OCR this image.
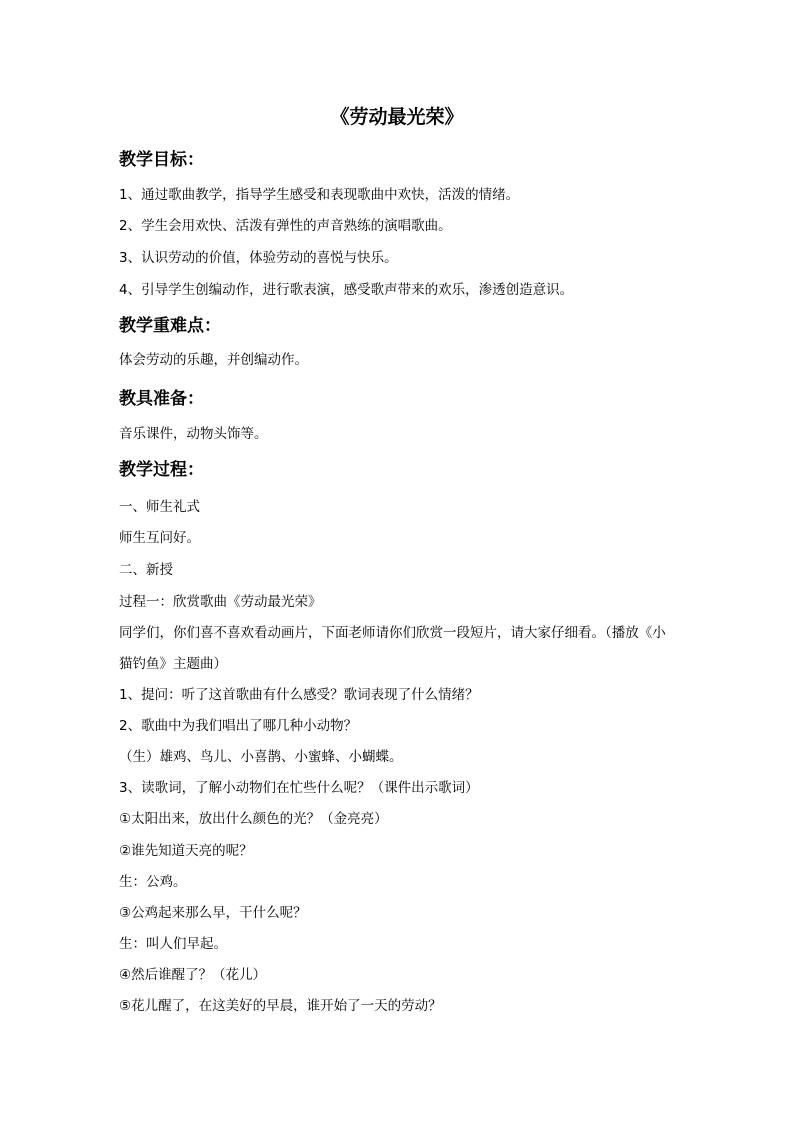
《劳动最光荣》
教学目标：
1、通过歌曲教学，指导学生感受和表现歌曲中欢快，活泼的情绪。
2、学生会用欢快、活泼有弹性的声音熟练的演唱歌曲。
3、认识劳动的价值，体验劳动的喜悦与快乐。
4、引导学生创编动作，进行歌表演，感受歌声带来的欢乐，渗透创造意识。
教学重难点：
体会劳动的乐趣，并创编动作。
教具准备：
音乐课件，动物头饰等。
教学过程：
一、师生礼式
师生互问好。
二、新授
过程一：欣赏歌曲《劳动最光荣》
同学们，你们喜不喜欢看动画片，下面老师请你们欣赏一段短片，请大家仔细看。（播放《小
猫钓鱼》主题曲）
1、提问：听了这首歌曲有什么感受？歌词表现了什么情绪？
2、歌曲中为我们唱出了哪几种小动物？
（生）雄鸡、鸟儿、小喜鹊、小蜜蜂、小蝴蝶。
3、读歌词，了解小动物们在忙些什么呢？（课件出示歌词）
①太阳出来，放出什么颜色的光？（金亮亮）
②谁先知道天亮的呢？
生：公鸡。
③公鸡起来那么早，干什么呢？
生：叫人们早起。
④然后谁醒了？（花儿）
⑤花儿醒了，在这美好的早晨，谁开始了一天的劳动？
